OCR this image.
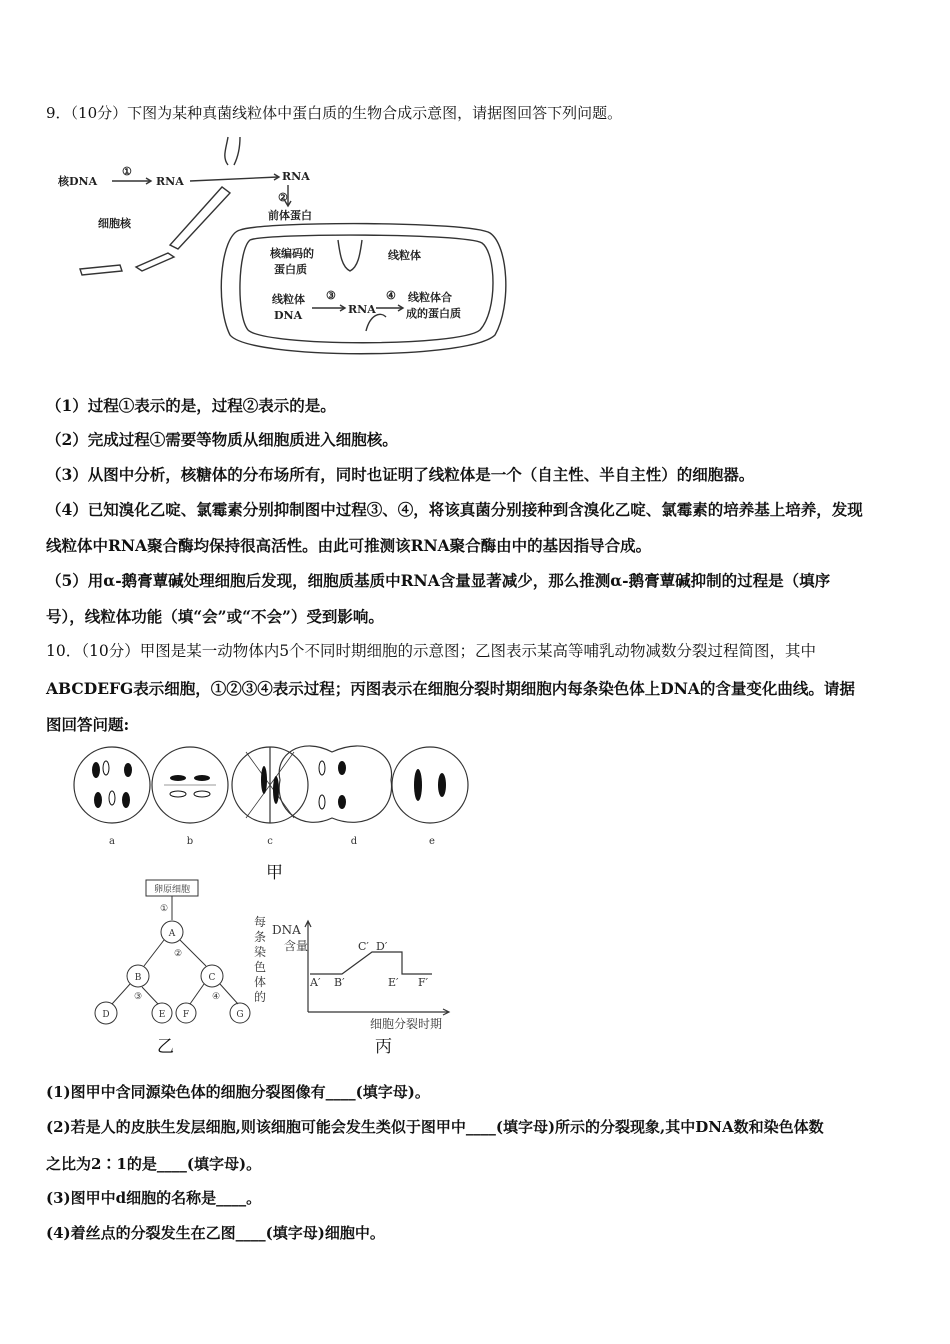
9．（10分）下图为某种真菌线粒体中蛋白质的生物合成示意图，请据图回答下列问题。
核DNA
①
RNA	RNA
②
前体蛋白
细胞核
核编码的
蛋白质
线粒体
线粒体
DNA
③
RNA
④ 线粒体合
成的蛋白质
（1）过程①表示的是，过程②表示的是。
（2）完成过程①需要等物质从细胞质进入细胞核。
（3）从图中分析，核糖体的分布场所有，同时也证明了线粒体是一个（自主性、半自主性）的细胞器。
（4）已知溴化乙啶、氯霉素分别抑制图中过程③、④，将该真菌分别接种到含溴化乙啶、氯霉素的培养基上培养，发现
线粒体中RNA聚合酶均保持很高活性。由此可推测该RNA聚合酶由中的基因指导合成。
（5）用α-鹅膏蕈碱处理细胞后发现，细胞质基质中RNA含量显著减少，那么推测α-鹅膏蕈碱抑制的过程是（填序
号），线粒体功能（填“会”或“不会”）受到影响。
10．（10分）甲图是某一动物体内5个不同时期细胞的示意图；乙图表示某高等哺乳动物减数分裂过程简图，其中
ABCDEFG表示细胞，①②③④表示过程；丙图表示在细胞分裂时期细胞内每条染色体上DNA的含量变化曲线。请据
图回答问题:
a	b	c	d	e
甲
卵原细胞
①
②
③	④
A
B	C
D	E F	G
乙
每
条
染
色
体
的
DNA
含量
细胞分裂时期
A′ B′
C′ D′
E′ F′
丙
(1)图甲中含同源染色体的细胞分裂图像有____(填字母)。
(2)若是人的皮肤生发层细胞,则该细胞可能会发生类似于图甲中____(填字母)所示的分裂现象,其中DNA数和染色体数
之比为2∶1的是____(填字母)。
(3)图甲中d细胞的名称是____。
(4)着丝点的分裂发生在乙图____(填字母)细胞中。
